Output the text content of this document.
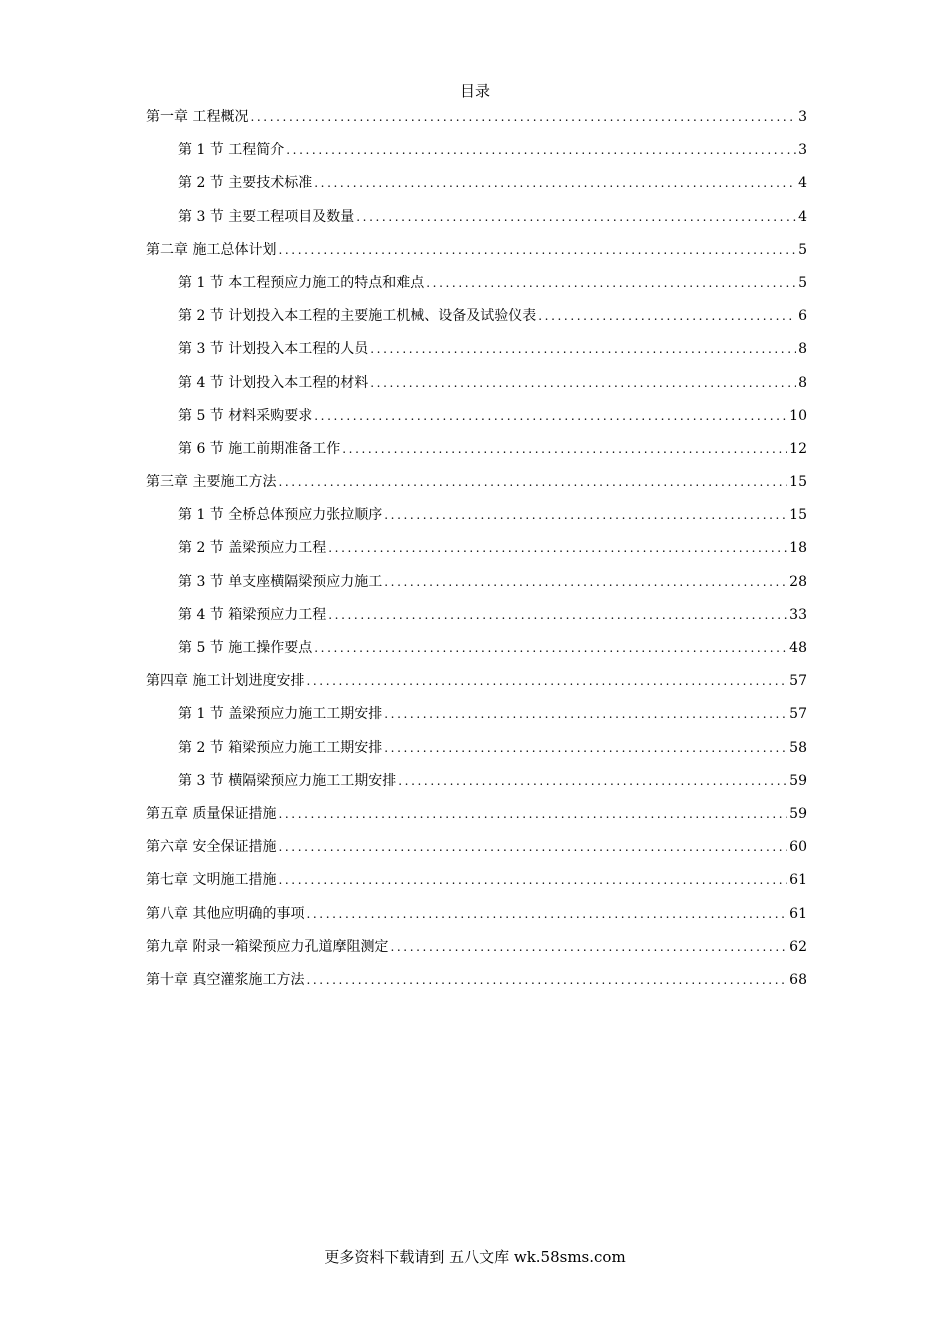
目录
第一章 工程概况 .....	3
第 1 节 工程简介 .....	3
第 2 节 主要技术标准 .....	4
第 3 节 主要工程项目及数量 .....	4
第二章 施工总体计划 .....	5
第 1 节 本工程预应力施工的特点和难点 .....	5
第 2 节 计划投入本工程的主要施工机械、设备及试验仪表 .....	6
第 3 节 计划投入本工程的人员 .....	8
第 4 节 计划投入本工程的材料 .....	8
第 5 节 材料采购要求 .....	10
第 6 节 施工前期准备工作 .....	12
第三章 主要施工方法 .....	15
第 1 节 全桥总体预应力张拉顺序 .....	15
第 2 节 盖梁预应力工程 .....	18
第 3 节 单支座横隔梁预应力施工 .....	28
第 4 节 箱梁预应力工程 .....	33
第 5 节 施工操作要点 .....	48
第四章 施工计划进度安排 .....	57
第 1 节 盖梁预应力施工工期安排 .....	57
第 2 节 箱梁预应力施工工期安排 .....	58
第 3 节 横隔梁预应力施工工期安排 .....	59
第五章 质量保证措施 .....	59
第六章 安全保证措施 .....	60
第七章 文明施工措施 .....	61
第八章 其他应明确的事项 .....	61
第九章 附录一箱梁预应力孔道摩阻测定 .....	62
第十章 真空灌浆施工方法 .....	68
更多资料下载请到 五八文库 wk.58sms.com
